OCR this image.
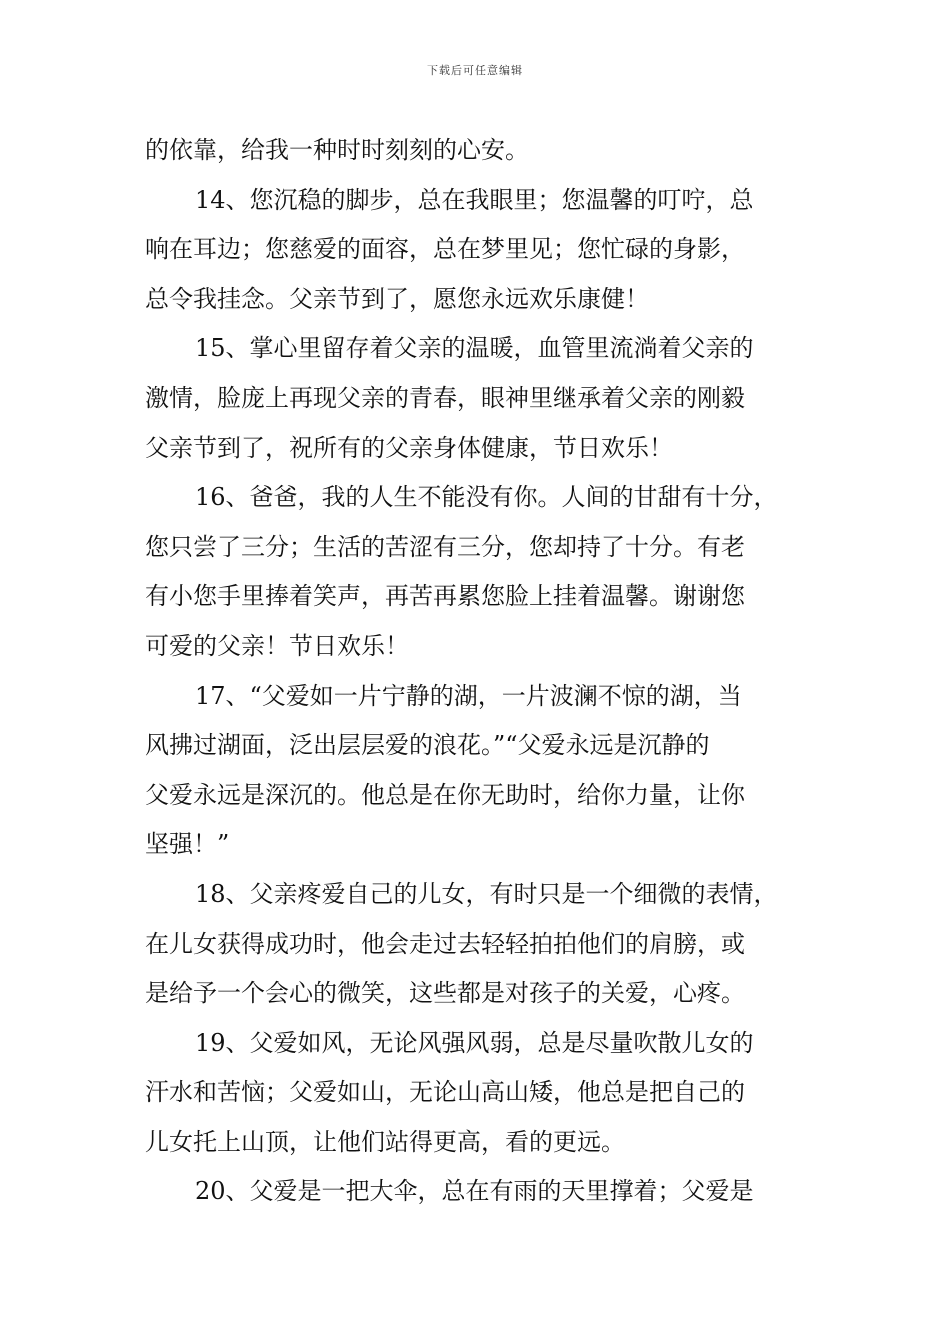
下载后可任意编辑
的依靠，给我一种时时刻刻的心安。
14、您沉稳的脚步，总在我眼里；您温馨的叮咛，总
响在耳边；您慈爱的面容，总在梦里见；您忙碌的身影，
总令我挂念。父亲节到了，愿您永远欢乐康健！
15、掌心里留存着父亲的温暖，血管里流淌着父亲的
激情，脸庞上再现父亲的青春，眼神里继承着父亲的刚毅
父亲节到了，祝所有的父亲身体健康，节日欢乐！
16、爸爸，我的人生不能没有你。人间的甘甜有十分，
您只尝了三分；生活的苦涩有三分，您却持了十分。有老
有小您手里捧着笑声，再苦再累您脸上挂着温馨。谢谢您
可爱的父亲！节日欢乐！
17、“父爱如一片宁静的湖，一片波澜不惊的湖，当
风拂过湖面，泛出层层爱的浪花。”“父爱永远是沉静的
父爱永远是深沉的。他总是在你无助时，给你力量，让你
坚强！”
18、父亲疼爱自己的儿女，有时只是一个细微的表情，
在儿女获得成功时，他会走过去轻轻拍拍他们的肩膀，或
是给予一个会心的微笑，这些都是对孩子的关爱，心疼。
19、父爱如风，无论风强风弱，总是尽量吹散儿女的
汗水和苦恼；父爱如山，无论山高山矮，他总是把自己的
儿女托上山顶，让他们站得更高，看的更远。
20、父爱是一把大伞，总在有雨的天里撑着；父爱是
